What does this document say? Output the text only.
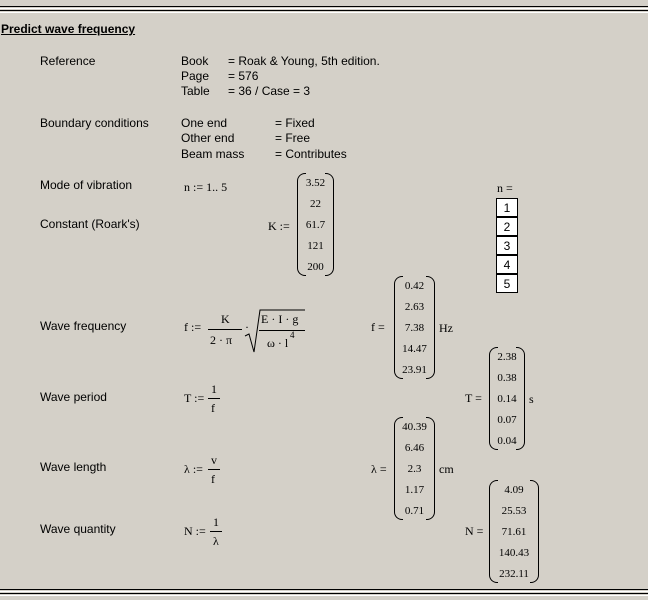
Predict wave frequency
Reference	Book = Roak & Young, 5th edition.
Page = 576
Table = 36 / Case = 3
Boundary conditions	One end	= Fixed
Other end	= Free
Beam mass	= Contributes
Mode of vibration	n := 1.. 5
Constant (Roark's)	K :=
3.52
22
61.7
121
200
n =
1
2
3
4
5
Wave frequency	f :=
K
2 · π
·
E · I · g
ω · l
4
f =
0.42
2.63
7.38
14.47
23.91
Hz
Wave period	T :=
1
f
T =
2.38
0.38
0.14
0.07
0.04
s
Wave length	λ :=
v
f
λ =
40.39
6.46
2.3
1.17
0.71
cm
Wave quantity	N :=
1
λ
N =
4.09
25.53
71.61
140.43
232.11
